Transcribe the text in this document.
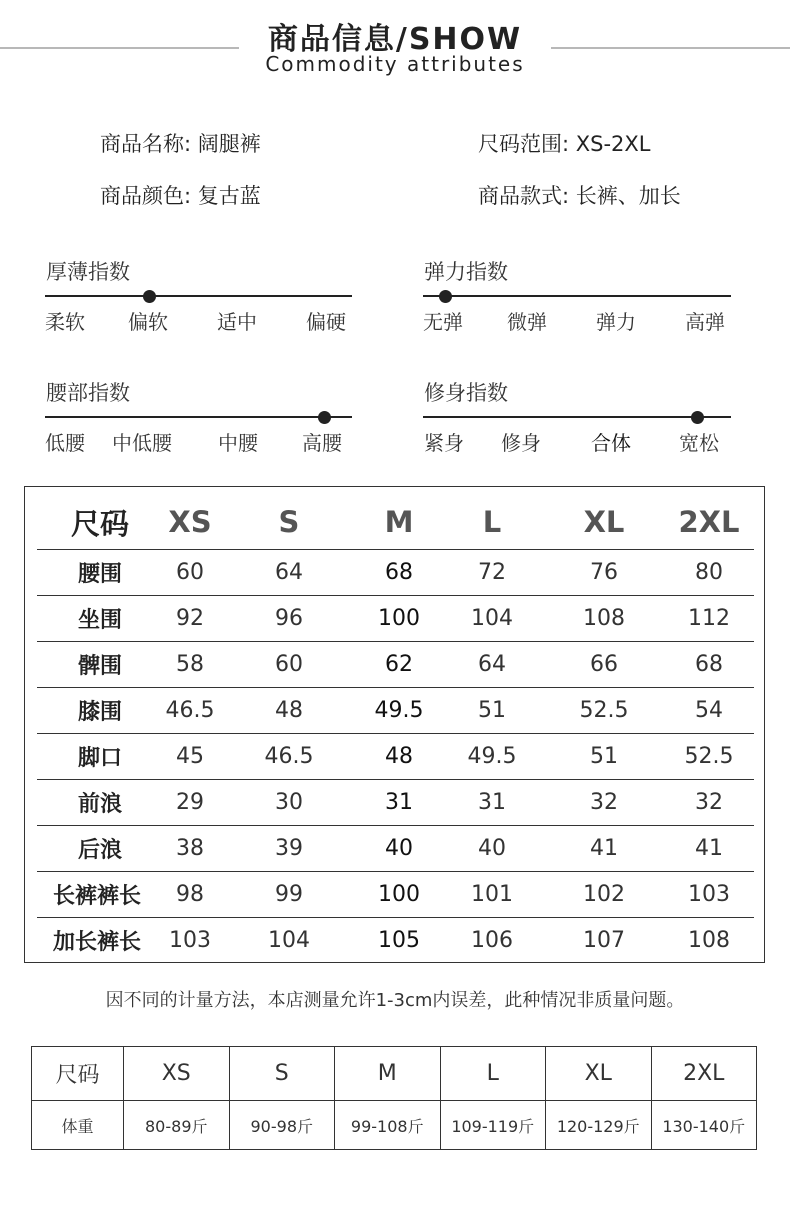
商品信息/SHOW
Commodity attributes
商品名称: 阔腿裤	尺码范围: XS-2XL
商品颜色: 复古蓝	商品款式: 长裤、加长
厚薄指数
柔软 偏软 适中 偏硬
弹力指数
无弹 微弹 弹力 高弹
腰部指数
低腰 中低腰 中腰 高腰
修身指数
紧身 修身	合体 宽松
尺码	XS	S	M	L	XL	2XL
腰围	60	64	68	72	76	80
坐围	92	96	100	104	108	112
髀围	58	60	62	64	66	68
膝围	46.5	48	49.5	51	52.5	54
脚口	45	46.5	48	49.5	51	52.5
前浪	29	30	31	31	32	32
后浪	38	39	40	40	41	41
长裤裤长	98	99	100	101	102	103
加长裤长	103	104	105	106	107	108
因不同的计量方法，本店测量允许1-3cm内误差，此种情况非质量问题。
尺码	XS	S	M	L	XL	2XL
体重	80-89斤	90-98斤	99-108斤	109-119斤	120-129斤	130-140斤
